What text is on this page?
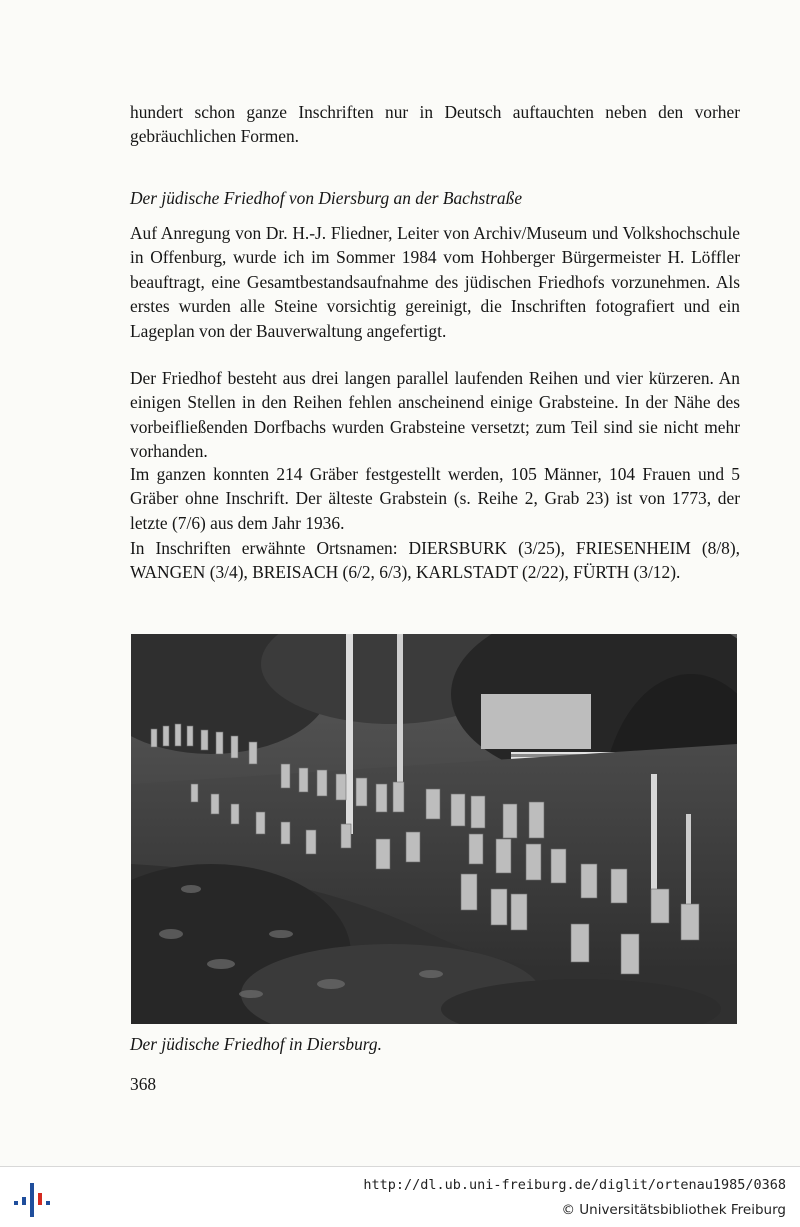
hundert schon ganze Inschriften nur in Deutsch auftauchten neben den vorher gebräuchlichen Formen.

Der jüdische Friedhof von Diersburg an der Bachstraße

Auf Anregung von Dr. H.-J. Fliedner, Leiter von Archiv/Museum und Volkshochschule in Offenburg, wurde ich im Sommer 1984 vom Hohberger Bürgermeister H. Löffler beauftragt, eine Gesamtbestandsaufnahme des jüdischen Friedhofs vorzunehmen. Als erstes wurden alle Steine vorsichtig gereinigt, die Inschriften fotografiert und ein Lageplan von der Bauverwaltung angefertigt.

Der Friedhof besteht aus drei langen parallel laufenden Reihen und vier kürzeren. An einigen Stellen in den Reihen fehlen anscheinend einige Grabsteine. In der Nähe des vorbeifließenden Dorfbachs wurden Grabsteine versetzt; zum Teil sind sie nicht mehr vorhanden.

Im ganzen konnten 214 Gräber festgestellt werden, 105 Männer, 104 Frauen und 5 Gräber ohne Inschrift. Der älteste Grabstein (s. Reihe 2, Grab 23) ist von 1773, der letzte (7/6) aus dem Jahr 1936.

In Inschriften erwähnte Ortsnamen: DIERSBURK (3/25), FRIESENHEIM (8/8), WANGEN (3/4), BREISACH (6/2, 6/3), KARLSTADT (2/22), FÜRTH (3/12).

Der jüdische Friedhof in Diersburg.
368
http://dl.ub.uni-freiburg.de/diglit/ortenau1985/0368
© Universitätsbibliothek Freiburg
